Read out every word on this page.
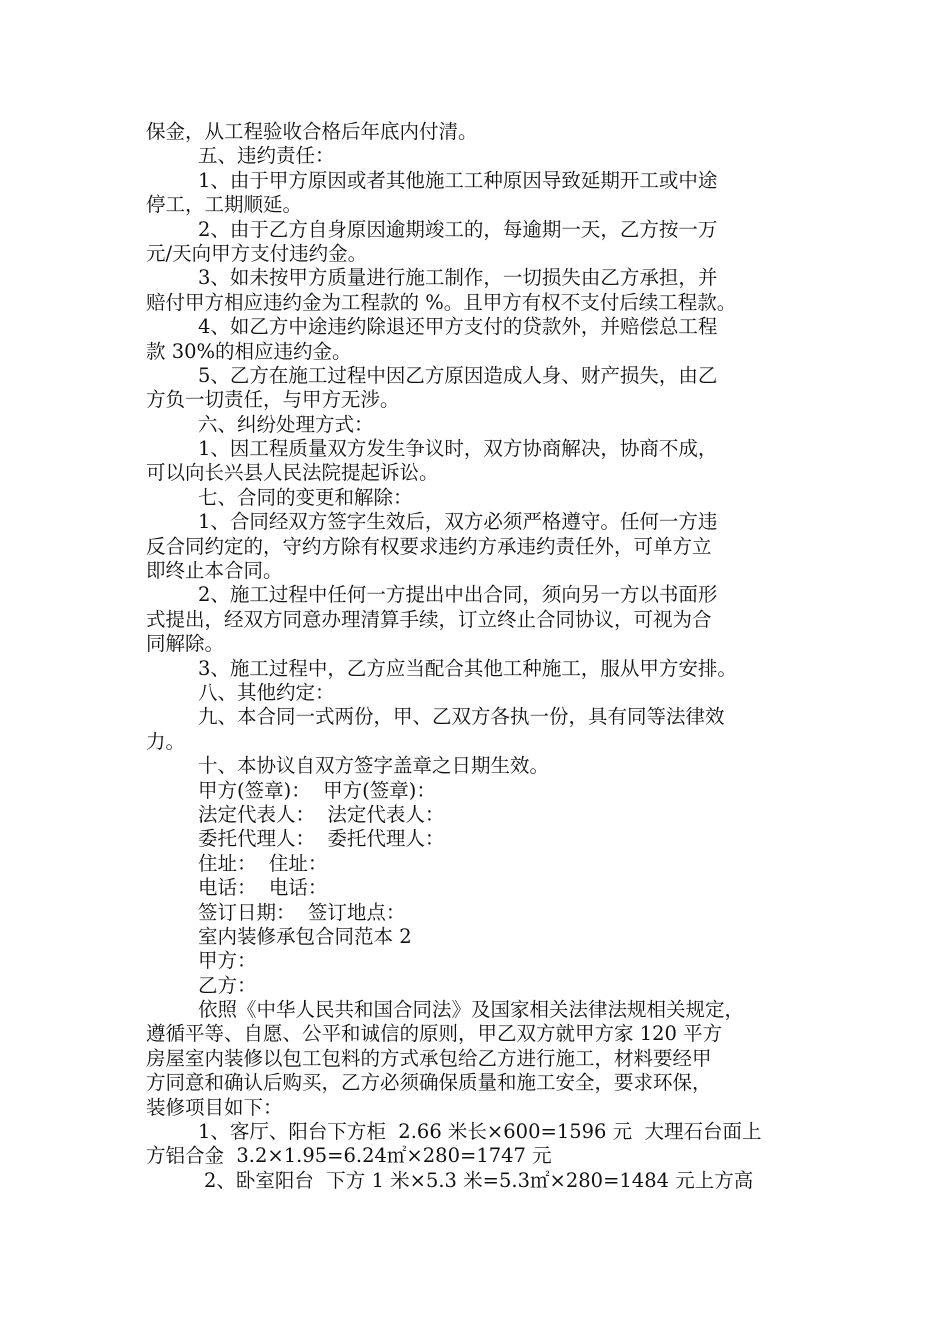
保金，从工程验收合格后年底内付清。
五、违约责任：
1、由于甲方原因或者其他施工工种原因导致延期开工或中途
停工，工期顺延。
2、由于乙方自身原因逾期竣工的，每逾期一天，乙方按一万
元/天向甲方支付违约金。
3、如未按甲方质量进行施工制作，一切损失由乙方承担，并
赔付甲方相应违约金为工程款的 %。且甲方有权不支付后续工程款。
4、如乙方中途违约除退还甲方支付的贷款外，并赔偿总工程
款 30%的相应违约金。
5、乙方在施工过程中因乙方原因造成人身、财产损失，由乙
方负一切责任，与甲方无涉。
六、纠纷处理方式：
1、因工程质量双方发生争议时，双方协商解决，协商不成，
可以向长兴县人民法院提起诉讼。
七、合同的变更和解除：
1、合同经双方签字生效后，双方必须严格遵守。任何一方违
反合同约定的，守约方除有权要求违约方承违约责任外，可单方立
即终止本合同。
2、施工过程中任何一方提出中出合同，须向另一方以书面形
式提出，经双方同意办理清算手续，订立终止合同协议，可视为合
同解除。
3、施工过程中，乙方应当配合其他工种施工，服从甲方安排。
八、其他约定：
九、本合同一式两份，甲、乙双方各执一份，具有同等法律效
力。
十、本协议自双方签字盖章之日期生效。
甲方(签章)：  甲方(签章)：
法定代表人：  法定代表人：
委托代理人：  委托代理人：
住址：  住址：
电话：  电话：
签订日期：  签订地点：
室内装修承包合同范本 2
甲方：
乙方：
依照《中华人民共和国合同法》及国家相关法律法规相关规定，
遵循平等、自愿、公平和诚信的原则，甲乙双方就甲方家 120 平方
房屋室内装修以包工包料的方式承包给乙方进行施工，材料要经甲
方同意和确认后购买，乙方必须确保质量和施工安全，要求环保，
装修项目如下：
1、客厅、阳台下方柜  2.66 米长×600=1596 元  大理石台面上
方铝合金  3.2×1.95=6.24㎡×280=1747 元
2、卧室阳台  下方 1 米×5.3 米=5.3㎡×280=1484 元上方高
